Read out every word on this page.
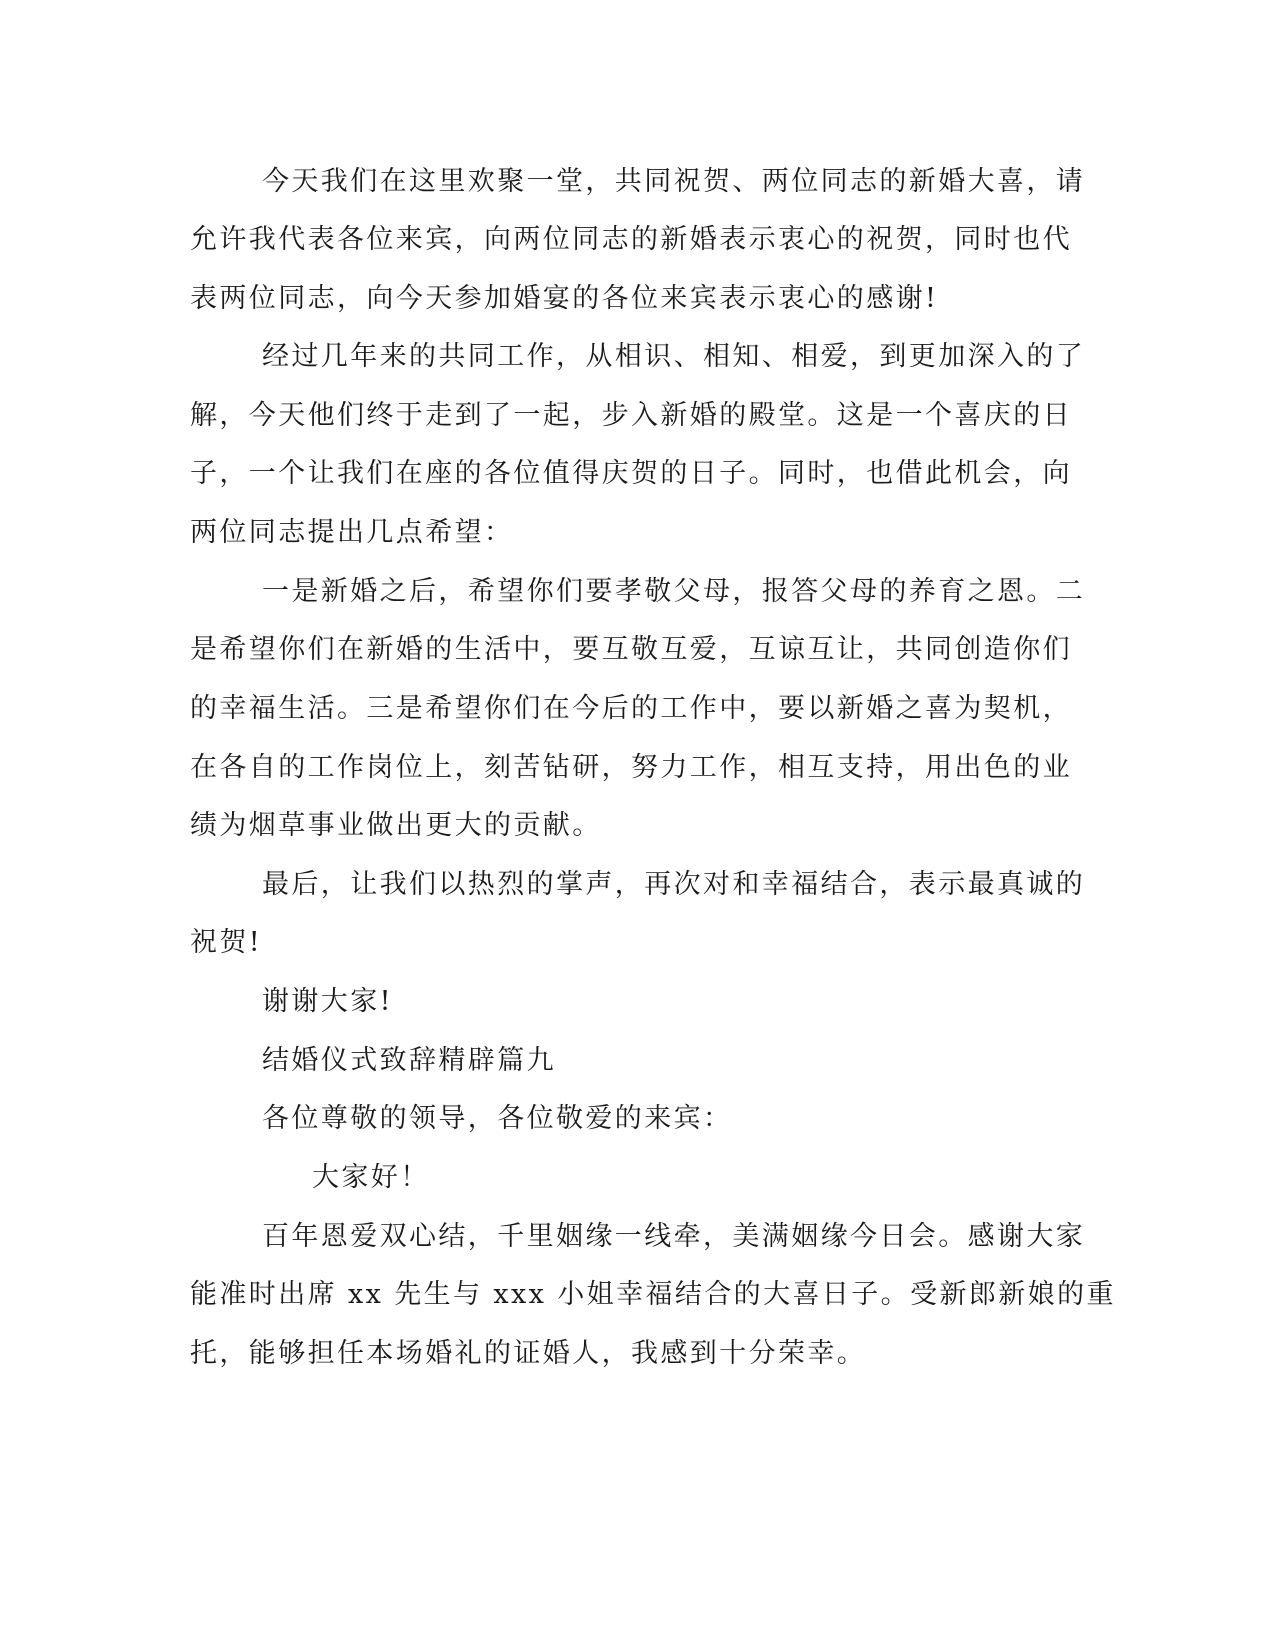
今天我们在这里欢聚一堂，共同祝贺、两位同志的新婚大喜，请
允许我代表各位来宾，向两位同志的新婚表示衷心的祝贺，同时也代
表两位同志，向今天参加婚宴的各位来宾表示衷心的感谢!
经过几年来的共同工作，从相识、相知、相爱，到更加深入的了
解，今天他们终于走到了一起，步入新婚的殿堂。这是一个喜庆的日
子，一个让我们在座的各位值得庆贺的日子。同时，也借此机会，向
两位同志提出几点希望：
一是新婚之后，希望你们要孝敬父母，报答父母的养育之恩。二
是希望你们在新婚的生活中，要互敬互爱，互谅互让，共同创造你们
的幸福生活。三是希望你们在今后的工作中，要以新婚之喜为契机，
在各自的工作岗位上，刻苦钻研，努力工作，相互支持，用出色的业
绩为烟草事业做出更大的贡献。
最后，让我们以热烈的掌声，再次对和幸福结合，表示最真诚的
祝贺!
谢谢大家!
结婚仪式致辞精辟篇九
各位尊敬的领导，各位敬爱的来宾：
大家好！
百年恩爱双心结，千里姻缘一线牵，美满姻缘今日会。感谢大家
能准时出席 xx 先生与 xxx 小姐幸福结合的大喜日子。受新郎新娘的重
托，能够担任本场婚礼的证婚人，我感到十分荣幸。
